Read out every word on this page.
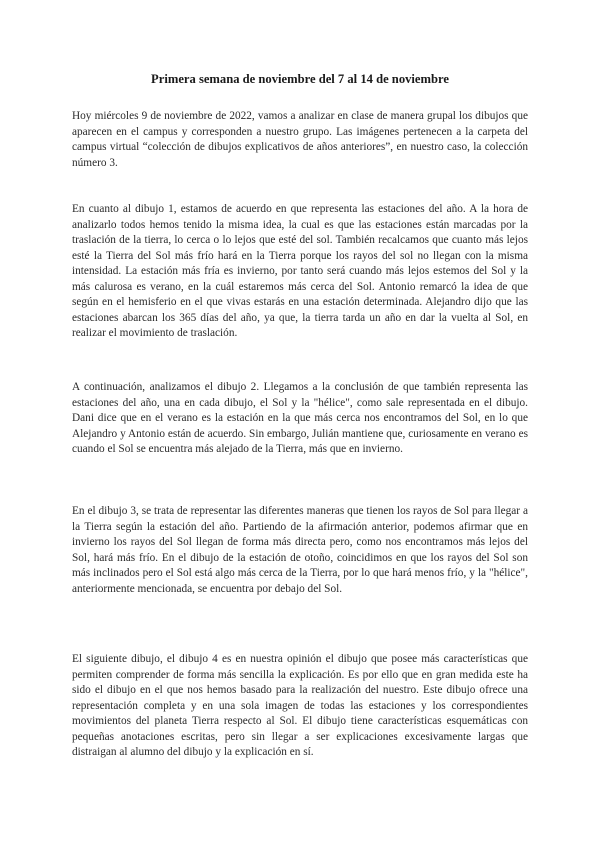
Primera semana de noviembre del 7 al 14 de noviembre

Hoy miércoles 9 de noviembre de 2022, vamos a analizar en clase de manera grupal los dibujos que aparecen en el campus y corresponden a nuestro grupo. Las imágenes pertenecen a la carpeta del campus virtual “colección de dibujos explicativos de años anteriores”, en nuestro caso, la colección número 3.

En cuanto al dibujo 1, estamos de acuerdo en que representa las estaciones del año. A la hora de analizarlo todos hemos tenido la misma idea, la cual es que las estaciones están marcadas por la traslación de la tierra, lo cerca o lo lejos que esté del sol. También recalcamos que cuanto más lejos esté la Tierra del Sol más frío hará en la Tierra porque los rayos del sol no llegan con la misma intensidad. La estación más fría es invierno, por tanto será cuando más lejos estemos del Sol y la más calurosa es verano, en la cuál estaremos más cerca del Sol. Antonio remarcó la idea de que según en el hemisferio en el que vivas estarás en una estación determinada. Alejandro dijo que las estaciones abarcan los 365 días del año, ya que, la tierra tarda un año en dar la vuelta al Sol, en realizar el movimiento de traslación.

A continuación, analizamos el dibujo 2. Llegamos a la conclusión de que también representa las estaciones del año, una en cada dibujo, el Sol y la "hélice", como sale representada en el dibujo. Dani dice que en el verano es la estación en la que más cerca nos encontramos del Sol, en lo que Alejandro y Antonio están de acuerdo. Sin embargo, Julián mantiene que, curiosamente en verano es cuando el Sol se encuentra más alejado de la Tierra, más que en invierno.

En el dibujo 3, se trata de representar las diferentes maneras que tienen los rayos de Sol para llegar a la Tierra según la estación del año. Partiendo de la afirmación anterior, podemos afirmar que en invierno los rayos del Sol llegan de forma más directa pero, como nos encontramos más lejos del Sol, hará más frío. En el dibujo de la estación de otoño, coincidimos en que los rayos del Sol son más inclinados pero el Sol está algo más cerca de la Tierra, por lo que hará menos frío, y la "hélice", anteriormente mencionada, se encuentra por debajo del Sol.

El siguiente dibujo, el dibujo 4 es en nuestra opinión el dibujo que posee más características que permiten comprender de forma más sencilla la explicación. Es por ello que en gran medida este ha sido el dibujo en el que nos hemos basado para la realización del nuestro. Este dibujo ofrece una representación completa y en una sola imagen de todas las estaciones y los correspondientes movimientos del planeta Tierra respecto al Sol. El dibujo tiene características esquemáticas con pequeñas anotaciones escritas, pero sin llegar a ser explicaciones excesivamente largas que distraigan al alumno del dibujo y la explicación en sí.
